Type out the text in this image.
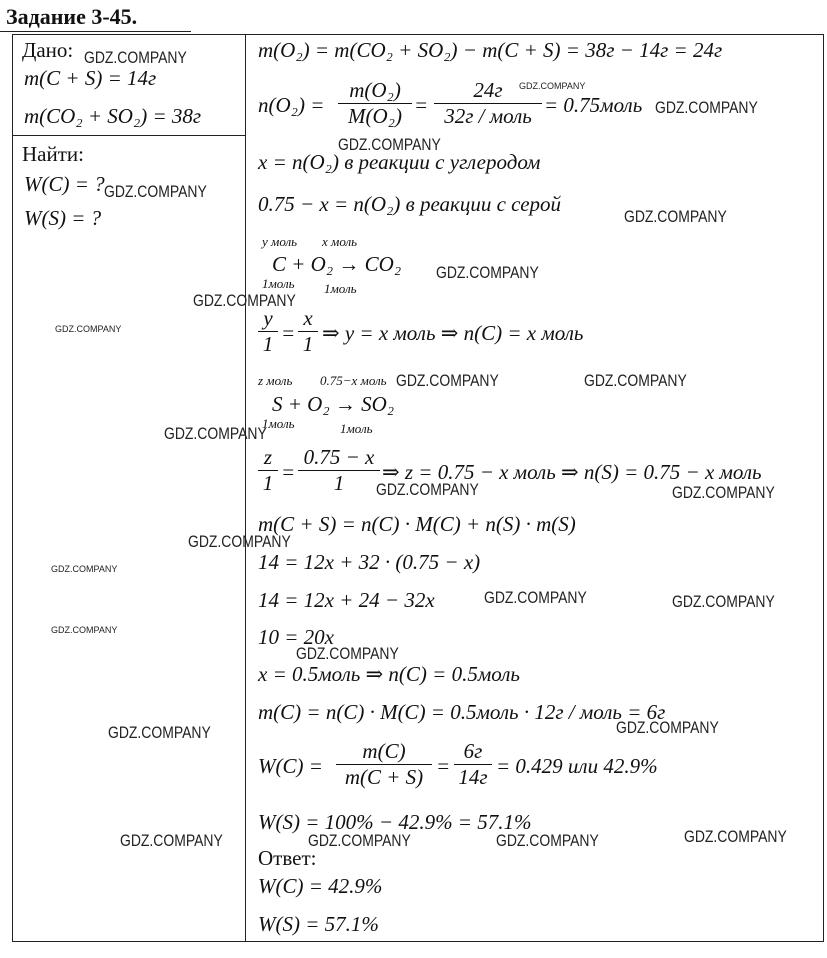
Задание 3-45.
Дано:
m(C + S) = 14г
m(CO₂ + SO₂) = 38г
Найти:
W(C) = ?
W(S) = ?
m(O₂) = m(CO₂ + SO₂) − m(C + S) = 38г − 14г = 24г
$n(O_2) = \frac{\text{m(O₂)}}{\text{M(O₂)}}$ =
24г
32г / моль = 0.75моль
x = n(O₂) в реакции с углеродом
0.75 − x = n(O₂) в реакции с серой
y моль x моль
C + O₂ → CO₂
1моль 1моль
$\frac{y}{1} = \frac{x}{1}$ ⇒ y = x моль ⇒ n(C) = x моль
z моль 0.75−x моль
S + O₂ → SO₂
1моль	1моль
$\frac{z}{1} = \frac{0.75 - x}{1}$ ⇒ z = 0.75 − x моль ⇒ n(S) = 0.75 − x моль
m(C + S) = n(C) · M(C) + n(S) · m(S)
14 = 12x + 32 · (0.75 − x)
14 = 12x + 24 − 32x
10 = 20x
x = 0.5моль ⇒ n(C) = 0.5моль
m(C) = n(C) · M(C) = 0.5моль · 12г / моль = 6г
$W(C) = \frac{m(C)}{m(C + S)}$ =
6г
14г = 0.429 или 42.9%
W(S) = 100% − 42.9% = 57.1%
Ответ:
W(C) = 42.9%
W(S) = 57.1%
GDZ.COMPANY
GDZ.COMPANY
GDZ.COMPANY
GDZ.COMPANY
GDZ.COMPANY
GDZ.COMPANY
GDZ.COMPANY
GDZ.COMPANY
GDZ.COMPANY
GDZ.COMPANY
GDZ.COMPANY
GDZ.COMPANY
GDZ.COMPANY
GDZ.COMPANY
GDZ.COMPANY
GDZ.COMPANY	GDZ.COMPANY
GDZ.COMPANY	GDZ.COMPANY
GDZ.COMPANY	GDZ.COMPANY
GDZ.COMPANY
GDZ.COMPANY
GDZ.COMPANY	GDZ.COMPANY	GDZ.COMPANY
